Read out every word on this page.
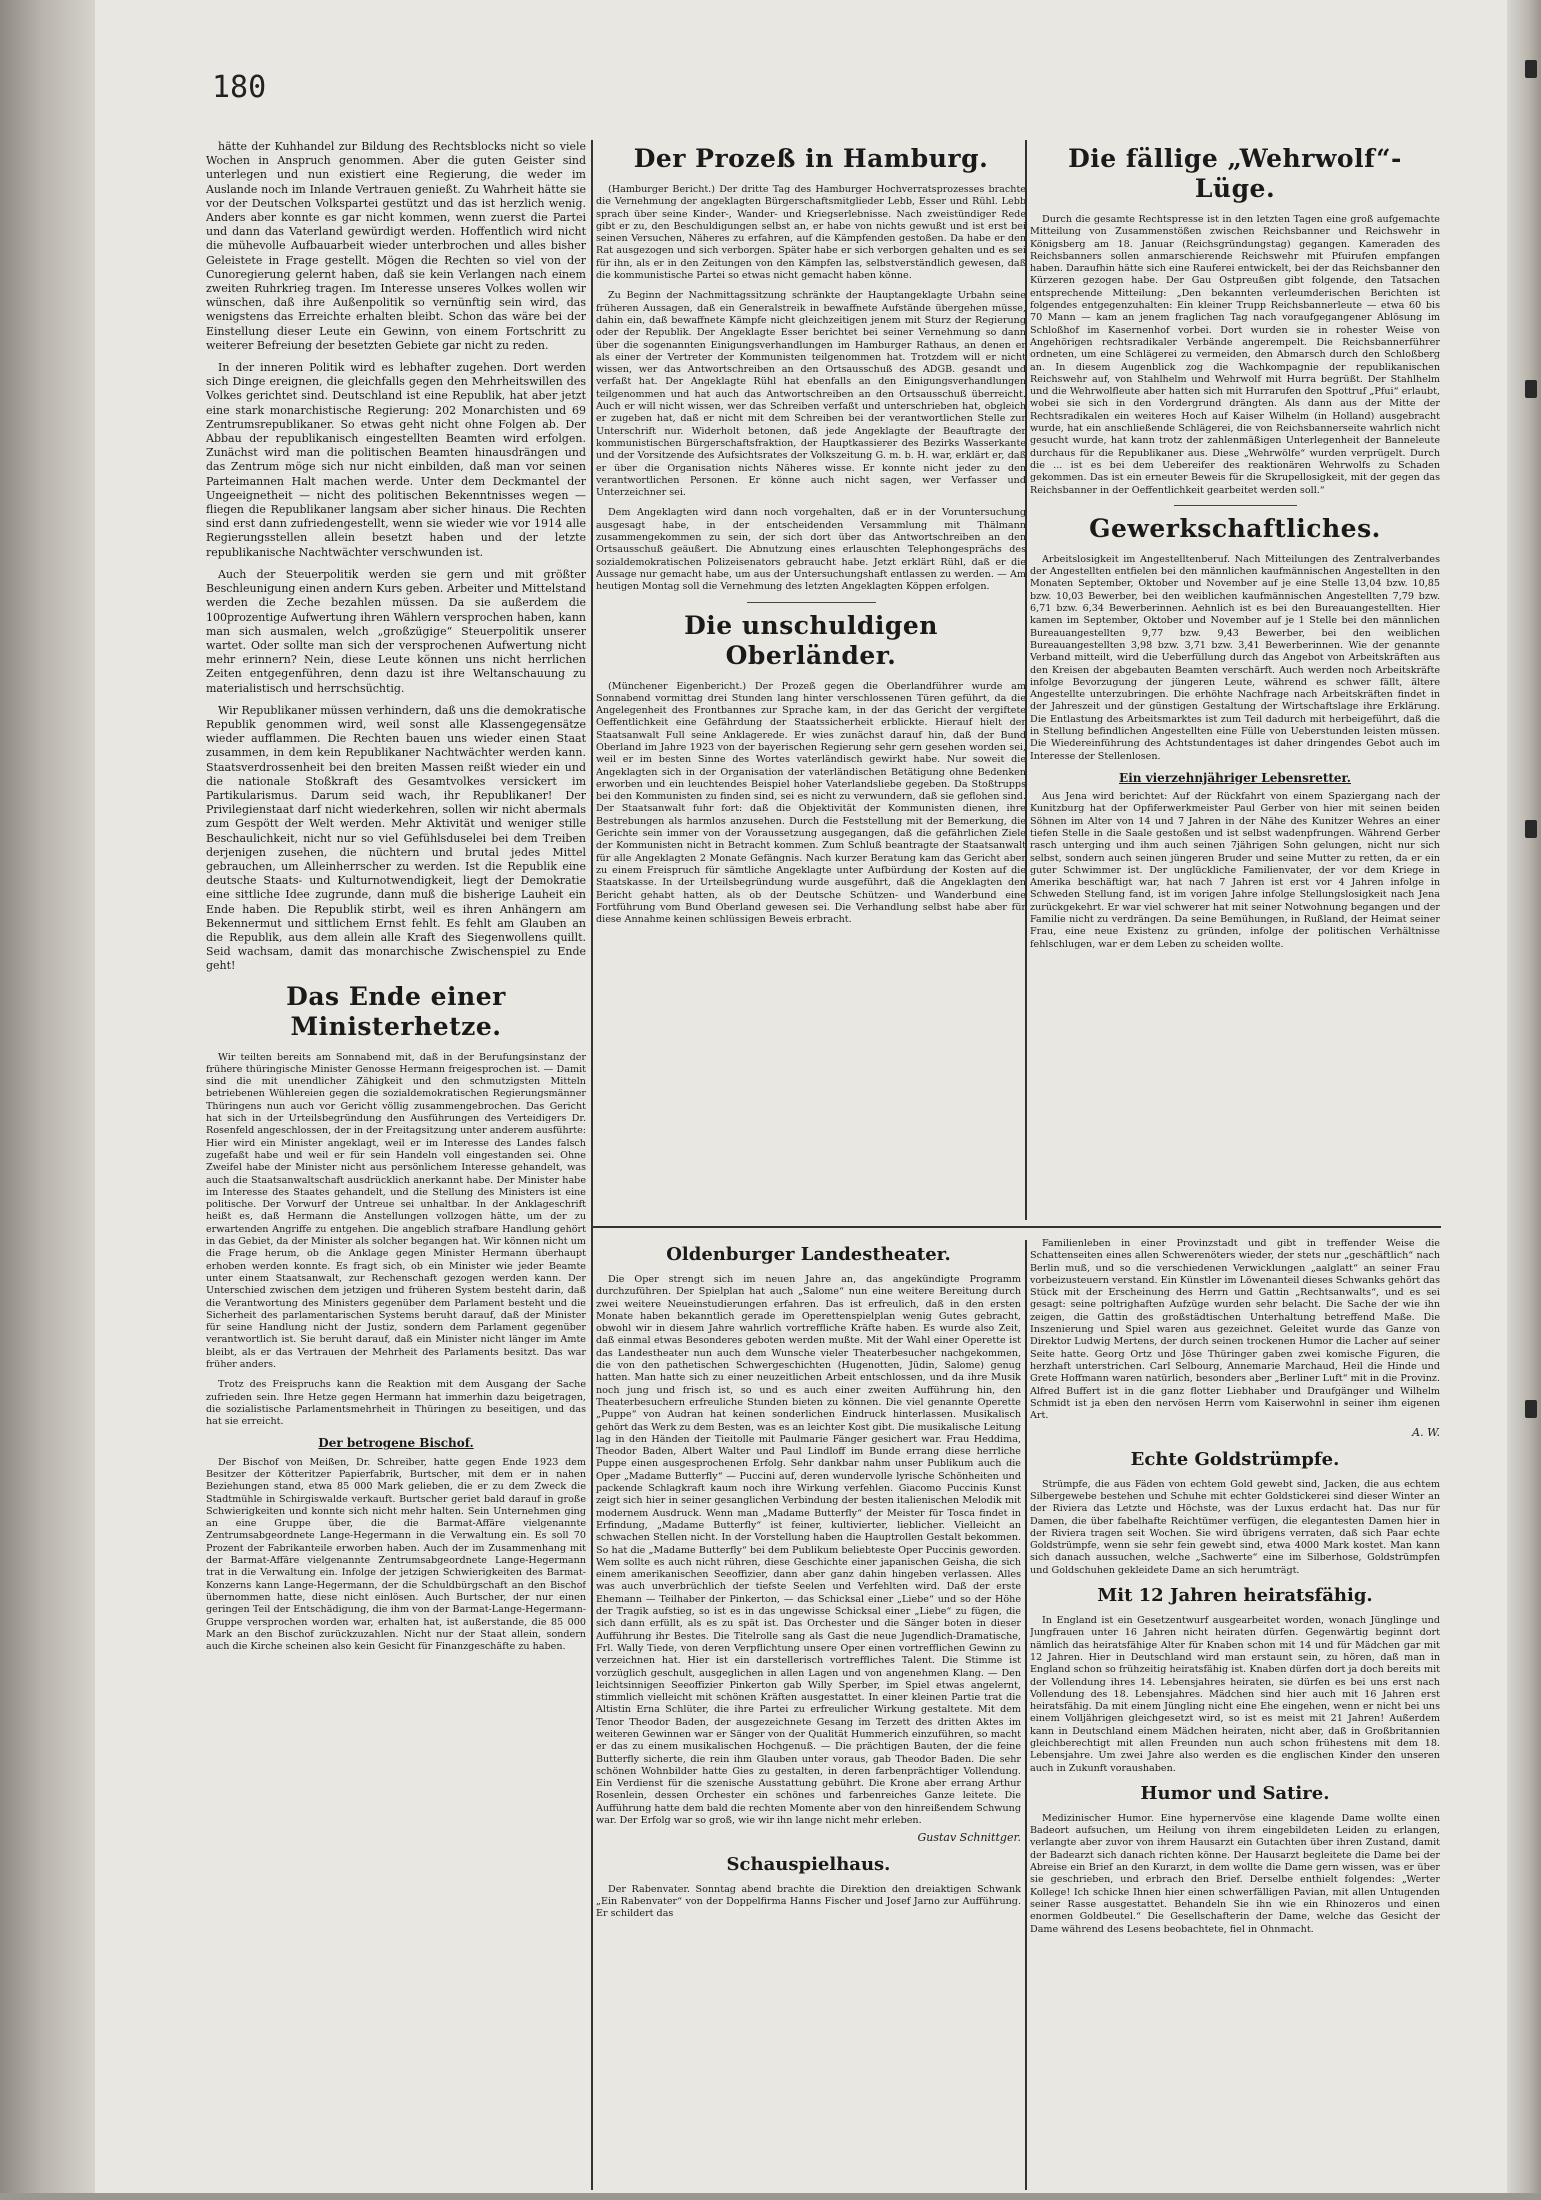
180

hätte der Kuhhandel zur Bildung des Rechtsblocks nicht so viele Wochen in Anspruch genommen. Aber die guten Geister sind unterlegen und nun existiert eine Regierung, die weder im Auslande noch im Inlande Vertrauen genießt. Zu Wahrheit hätte sie vor der Deutschen Volkspartei gestützt und das ist herzlich wenig. Anders aber konnte es gar nicht kommen, wenn zuerst die Partei und dann das Vaterland gewürdigt werden. Hoffentlich wird nicht die mühevolle Aufbauarbeit wieder unterbrochen und alles bisher Geleistete in Frage gestellt. Mögen die Rechten so viel von der Cunoregierung gelernt haben, daß sie kein Verlangen nach einem zweiten Ruhrkrieg tragen. Im Interesse unseres Volkes wollen wir wünschen, daß ihre Außenpolitik so vernünftig sein wird, das wenigstens das Erreichte erhalten bleibt. Schon das wäre bei der Einstellung dieser Leute ein Gewinn, von einem Fortschritt zu weiterer Befreiung der besetzten Gebiete gar nicht zu reden.

In der inneren Politik wird es lebhafter zugehen. Dort werden sich Dinge ereignen, die gleichfalls gegen den Mehrheitswillen des Volkes gerichtet sind. Deutschland ist eine Republik, hat aber jetzt eine stark monarchistische Regierung: 202 Monarchisten und 69 Zentrumsrepublikaner. So etwas geht nicht ohne Folgen ab. Der Abbau der republikanisch eingestellten Beamten wird erfolgen. Zunächst wird man die politischen Beamten hinausdrängen und das Zentrum möge sich nur nicht einbilden, daß man vor seinen Parteimannen Halt machen werde. Unter dem Deckmantel der Ungeeignetheit — nicht des politischen Bekenntnisses wegen — fliegen die Republikaner langsam aber sicher hinaus. Die Rechten sind erst dann zufriedengestellt, wenn sie wieder wie vor 1914 alle Regierungsstellen allein besetzt haben und der letzte republikanische Nachtwächter verschwunden ist.

Auch der Steuerpolitik werden sie gern und mit größter Beschleunigung einen andern Kurs geben. Arbeiter und Mittelstand werden die Zeche bezahlen müssen. Da sie außerdem die 100prozentige Aufwertung ihren Wählern versprochen haben, kann man sich ausmalen, welch „großzügige“ Steuerpolitik unserer wartet. Oder sollte man sich der versprochenen Aufwertung nicht mehr erinnern? Nein, diese Leute können uns nicht herrlichen Zeiten entgegenführen, denn dazu ist ihre Weltanschauung zu materialistisch und herrschsüchtig.

Wir Republikaner müssen verhindern, daß uns die demokratische Republik genommen wird, weil sonst alle Klassengegensätze wieder aufflammen. Die Rechten bauen uns wieder einen Staat zusammen, in dem kein Republikaner Nachtwächter werden kann. Staatsverdrossenheit bei den breiten Massen reißt wieder ein und die nationale Stoßkraft des Gesamtvolkes versickert im Partikularismus. Darum seid wach, ihr Republikaner! Der Privilegienstaat darf nicht wiederkehren, sollen wir nicht abermals zum Gespött der Welt werden. Mehr Aktivität und weniger stille Beschaulichkeit, nicht nur so viel Gefühlsduselei bei dem Treiben derjenigen zusehen, die nüchtern und brutal jedes Mittel gebrauchen, um Alleinherrscher zu werden. Ist die Republik eine deutsche Staats- und Kulturnotwendigkeit, liegt der Demokratie eine sittliche Idee zugrunde, dann muß die bisherige Lauheit ein Ende haben. Die Republik stirbt, weil es ihren Anhängern am Bekennermut und sittlichem Ernst fehlt. Es fehlt am Glauben an die Republik, aus dem allein alle Kraft des Siegenwollens quillt. Seid wachsam, damit das monarchische Zwischenspiel zu Ende geht!

Das Ende einer Ministerhetze.

Wir teilten bereits am Sonnabend mit, daß in der Berufungsinstanz der frühere thüringische Minister Genosse Hermann freigesprochen ist. — Damit sind die mit unendlicher Zähigkeit und den schmutzigsten Mitteln betriebenen Wühlereien gegen die sozialdemokratischen Regierungsmänner Thüringens nun auch vor Gericht völlig zusammengebrochen. Das Gericht hat sich in der Urteilsbegründung den Ausführungen des Verteidigers Dr. Rosenfeld angeschlossen, der in der Freitagsitzung unter anderem ausführte: Hier wird ein Minister angeklagt, weil er im Interesse des Landes falsch zugefaßt habe und weil er für sein Handeln voll eingestanden sei. Ohne Zweifel habe der Minister nicht aus persönlichem Interesse gehandelt, was auch die Staatsanwaltschaft ausdrücklich anerkannt habe. Der Minister habe im Interesse des Staates gehandelt, und die Stellung des Ministers ist eine politische. Der Vorwurf der Untreue sei unhaltbar. In der Anklageschrift heißt es, daß Hermann die Anstellungen vollzogen hätte, um der zu erwartenden Angriffe zu entgehen. Die angeblich strafbare Handlung gehört in das Gebiet, da der Minister als solcher begangen hat. Wir können nicht um die Frage herum, ob die Anklage gegen Minister Hermann überhaupt erhoben werden konnte. Es fragt sich, ob ein Minister wie jeder Beamte unter einem Staatsanwalt, zur Rechenschaft gezogen werden kann. Der Unterschied zwischen dem jetzigen und früheren System besteht darin, daß die Verantwortung des Ministers gegenüber dem Parlament besteht und die Sicherheit des parlamentarischen Systems beruht darauf, daß der Minister für seine Handlung nicht der Justiz, sondern dem Parlament gegenüber verantwortlich ist. Sie beruht darauf, daß ein Minister nicht länger im Amte bleibt, als er das Vertrauen der Mehrheit des Parlaments besitzt. Das war früher anders.

Trotz des Freispruchs kann die Reaktion mit dem Ausgang der Sache zufrieden sein. Ihre Hetze gegen Hermann hat immerhin dazu beigetragen, die sozialistische Parlamentsmehrheit in Thüringen zu beseitigen, und das hat sie erreicht.

Der betrogene Bischof.

Der Bischof von Meißen, Dr. Schreiber, hatte gegen Ende 1923 dem Besitzer der Kötteritzer Papierfabrik, Burtscher, mit dem er in nahen Beziehungen stand, etwa 85 000 Mark gelieben, die er zu dem Zweck die Stadtmühle in Schirgiswalde verkauft. Burtscher geriet bald darauf in große Schwierigkeiten und konnte sich nicht mehr halten. Sein Unternehmen ging an eine Gruppe über, die die Barmat-Affäre vielgenannte Zentrumsabgeordnete Lange-Hegermann in die Verwaltung ein. Es soll 70 Prozent der Fabrikanteile erworben haben. Auch der im Zusammenhang mit der Barmat-Affäre vielgenannte Zentrumsabgeordnete Lange-Hegermann trat in die Verwaltung ein. Infolge der jetzigen Schwierigkeiten des Barmat-Konzerns kann Lange-Hegermann, der die Schuldbürgschaft an den Bischof übernommen hatte, diese nicht einlösen. Auch Burtscher, der nur einen geringen Teil der Entschädigung, die ihm von der Barmat-Lange-Hegermann-Gruppe versprochen worden war, erhalten hat, ist außerstande, die 85 000 Mark an den Bischof zurückzuzahlen. Nicht nur der Staat allein, sondern auch die Kirche scheinen also kein Gesicht für Finanzgeschäfte zu haben.

Der Prozeß in Hamburg.

(Hamburger Bericht.) Der dritte Tag des Hamburger Hochverratsprozesses brachte die Vernehmung der angeklagten Bürgerschaftsmitglieder Lebb, Esser und Rühl. Lebb sprach über seine Kinder-, Wander- und Kriegserlebnisse. Nach zweistündiger Rede gibt er zu, den Beschuldigungen selbst an, er habe von nichts gewußt und ist erst bei seinen Versuchen, Näheres zu erfahren, auf die Kämpfenden gestoßen. Da habe er den Rat ausgezogen und sich verborgen. Später habe er sich verborgen gehalten und es sei für ihn, als er in den Zeitungen von den Kämpfen las, selbstverständlich gewesen, daß die kommunistische Partei so etwas nicht gemacht haben könne.

Zu Beginn der Nachmittagssitzung schränkte der Hauptangeklagte Urbahn seine früheren Aussagen, daß ein Generalstreik in bewaffnete Aufstände übergehen müsse, dahin ein, daß bewaffnete Kämpfe nicht gleichzeitigen jenem mit Sturz der Regierung oder der Republik. Der Angeklagte Esser berichtet bei seiner Vernehmung so dann über die sogenannten Einigungsverhandlungen im Hamburger Rathaus, an denen er als einer der Vertreter der Kommunisten teilgenommen hat. Trotzdem will er nicht wissen, wer das Antwortschreiben an den Ortsausschuß des ADGB. gesandt und verfaßt hat. Der Angeklagte Rühl hat ebenfalls an den Einigungsverhandlungen teilgenommen und hat auch das Antwortschreiben an den Ortsausschuß überreicht. Auch er will nicht wissen, wer das Schreiben verfaßt und unterschrieben hat, obgleich er zugeben hat, daß er nicht mit dem Schreiben bei der verantwortlichen Stelle zur Unterschrift nur. Widerholt betonen, daß jede Angeklagte der Beauftragte der kommunistischen Bürgerschaftsfraktion, der Hauptkassierer des Bezirks Wasserkante und der Vorsitzende des Aufsichtsrates der Volkszeitung G. m. b. H. war, erklärt er, daß er über die Organisation nichts Näheres wisse. Er konnte nicht jeder zu den verantwortlichen Personen. Er könne auch nicht sagen, wer Verfasser und Unterzeichner sei.

Dem Angeklagten wird dann noch vorgehalten, daß er in der Voruntersuchung ausgesagt habe, in der entscheidenden Versammlung mit Thälmann zusammengekommen zu sein, der sich dort über das Antwortschreiben an den Ortsausschuß geäußert. Die Abnutzung eines erlauschten Telephongesprächs des sozialdemokratischen Polizeisenators gebraucht habe. Jetzt erklärt Rühl, daß er die Aussage nur gemacht habe, um aus der Untersuchungshaft entlassen zu werden. — Am heutigen Montag soll die Vernehmung des letzten Angeklagten Köppen erfolgen.

Die unschuldigen Oberländer.

(Münchener Eigenbericht.) Der Prozeß gegen die Oberlandführer wurde am Sonnabend vormittag drei Stunden lang hinter verschlossenen Türen geführt, da die Angelegenheit des Frontbannes zur Sprache kam, in der das Gericht der vergiftete Oeffentlichkeit eine Gefährdung der Staatssicherheit erblickte. Hierauf hielt der Staatsanwalt Full seine Anklagerede. Er wies zunächst darauf hin, daß der Bund Oberland im Jahre 1923 von der bayerischen Regierung sehr gern gesehen worden sei, weil er im besten Sinne des Wortes vaterländisch gewirkt habe. Nur soweit die Angeklagten sich in der Organisation der vaterländischen Betätigung ohne Bedenken erworben und ein leuchtendes Beispiel hoher Vaterlandsliebe gegeben. Da Stoßtrupps bei den Kommunisten zu finden sind, sei es nicht zu verwundern, daß sie geflohen sind. Der Staatsanwalt fuhr fort: daß die Objektivität der Kommunisten dienen, ihre Bestrebungen als harmlos anzusehen. Durch die Feststellung mit der Bemerkung, die Gerichte sein immer von der Voraussetzung ausgegangen, daß die gefährlichen Ziele der Kommunisten nicht in Betracht kommen. Zum Schluß beantragte der Staatsanwalt für alle Angeklagten 2 Monate Gefängnis. Nach kurzer Beratung kam das Gericht aber zu einem Freispruch für sämtliche Angeklagte unter Aufbürdung der Kosten auf die Staatskasse. In der Urteilsbegründung wurde ausgeführt, daß die Angeklagten den Bericht gehabt hatten, als ob der Deutsche Schützen- und Wanderbund eine Fortführung vom Bund Oberland gewesen sei. Die Verhandlung selbst habe aber für diese Annahme keinen schlüssigen Beweis erbracht.

Die fällige „Wehrwolf“-Lüge.

Durch die gesamte Rechtspresse ist in den letzten Tagen eine groß aufgemachte Mitteilung von Zusammenstößen zwischen Reichsbanner und Reichswehr in Königsberg am 18. Januar (Reichsgründungstag) gegangen. Kameraden des Reichsbanners sollen anmarschierende Reichswehr mit Pfuirufen empfangen haben. Daraufhin hätte sich eine Rauferei entwickelt, bei der das Reichsbanner den Kürzeren gezogen habe. Der Gau Ostpreußen gibt folgende, den Tatsachen entsprechende Mitteilung: „Den bekannten verleumderischen Berichten ist folgendes entgegenzuhalten: Ein kleiner Trupp Reichsbannerleute — etwa 60 bis 70 Mann — kam an jenem fraglichen Tag nach voraufgegangener Ablösung im Schloßhof im Kasernenhof vorbei. Dort wurden sie in rohester Weise von Angehörigen rechtsradikaler Verbände angerempelt. Die Reichsbannerführer ordneten, um eine Schlägerei zu vermeiden, den Abmarsch durch den Schloßberg an. In diesem Augenblick zog die Wachkompagnie der republikanischen Reichswehr auf, von Stahlhelm und Wehrwolf mit Hurra begrüßt. Der Stahlhelm und die Wehrwolfleute aber hatten sich mit Hurrarufen den Spottruf „Pfui“ erlaubt, wobei sie sich in den Vordergrund drängten. Als dann aus der Mitte der Rechtsradikalen ein weiteres Hoch auf Kaiser Wilhelm (in Holland) ausgebracht wurde, hat ein anschließende Schlägerei, die von Reichsbannerseite wahrlich nicht gesucht wurde, hat kann trotz der zahlenmäßigen Unterlegenheit der Banneleute durchaus für die Republikaner aus. Diese „Wehrwölfe“ wurden verprügelt. Durch die ... ist es bei dem Uebereifer des reaktionären Wehrwolfs zu Schaden gekommen. Das ist ein erneuter Beweis für die Skrupellosigkeit, mit der gegen das Reichsbanner in der Oeffentlichkeit gearbeitet werden soll.“

Gewerkschaftliches.

Arbeitslosigkeit im Angestelltenberuf. Nach Mitteilungen des Zentralverbandes der Angestellten entfielen bei den männlichen kaufmännischen Angestellten in den Monaten September, Oktober und November auf je eine Stelle 13,04 bzw. 10,85 bzw. 10,03 Bewerber, bei den weiblichen kaufmännischen Angestellten 7,79 bzw. 6,71 bzw. 6,34 Bewerberinnen. Aehnlich ist es bei den Bureauangestellten. Hier kamen im September, Oktober und November auf je 1 Stelle bei den männlichen Bureauangestellten 9,77 bzw. 9,43 Bewerber, bei den weiblichen Bureauangestellten 3,98 bzw. 3,71 bzw. 3,41 Bewerberinnen. Wie der genannte Verband mitteilt, wird die Ueberfüllung durch das Angebot von Arbeitskräften aus den Kreisen der abgebauten Beamten verschärft. Auch werden noch Arbeitskräfte infolge Bevorzugung der jüngeren Leute, während es schwer fällt, ältere Angestellte unterzubringen. Die erhöhte Nachfrage nach Arbeitskräften findet in der Jahreszeit und der günstigen Gestaltung der Wirtschaftslage ihre Erklärung. Die Entlastung des Arbeitsmarktes ist zum Teil dadurch mit herbeigeführt, daß die in Stellung befindlichen Angestellten eine Fülle von Ueberstunden leisten müssen. Die Wiedereinführung des Achtstundentages ist daher dringendes Gebot auch im Interesse der Stellenlosen.

Ein vierzehnjähriger Lebensretter.

Aus Jena wird berichtet: Auf der Rückfahrt von einem Spaziergang nach der Kunitzburg hat der Opfiferwerkmeister Paul Gerber von hier mit seinen beiden Söhnen im Alter von 14 und 7 Jahren in der Nähe des Kunitzer Wehres an einer tiefen Stelle in die Saale gestoßen und ist selbst wadenpfrungen. Während Gerber rasch unterging und ihm auch seinen 7jährigen Sohn gelungen, nicht nur sich selbst, sondern auch seinen jüngeren Bruder und seine Mutter zu retten, da er ein guter Schwimmer ist. Der unglückliche Familienvater, der vor dem Kriege in Amerika beschäftigt war, hat nach 7 Jahren ist erst vor 4 Jahren infolge in Schweden Stellung fand, ist im vorigen Jahre infolge Stellungslosigkeit nach Jena zurückgekehrt. Er war viel schwerer hat mit seiner Notwohnung begangen und der Familie nicht zu verdrängen. Da seine Bemühungen, in Rußland, der Heimat seiner Frau, eine neue Existenz zu gründen, infolge der politischen Verhältnisse fehlschlugen, war er dem Leben zu scheiden wollte.

Oldenburger Landestheater.

Die Oper strengt sich im neuen Jahre an, das angekündigte Programm durchzuführen. Der Spielplan hat auch „Salome“ nun eine weitere Bereitung durch zwei weitere Neueinstudierungen erfahren. Das ist erfreulich, daß in den ersten Monate haben bekanntlich gerade im Operettenspielplan wenig Gutes gebracht, obwohl wir in diesem Jahre wahrlich vortreffliche Kräfte haben. Es wurde also Zeit, daß einmal etwas Besonderes geboten werden mußte. Mit der Wahl einer Operette ist das Landestheater nun auch dem Wunsche vieler Theaterbesucher nachgekommen, die von den pathetischen Schwergeschichten (Hugenotten, Jüdin, Salome) genug hatten. Man hatte sich zu einer neuzeitlichen Arbeit entschlossen, und da ihre Musik noch jung und frisch ist, so und es auch einer zweiten Aufführung hin, den Theaterbesuchern erfreuliche Stunden bieten zu können. Die viel genannte Operette „Puppe“ von Audran hat keinen sonderlichen Eindruck hinterlassen. Musikalisch gehört das Werk zu dem Besten, was es an leichter Kost gibt. Die musikalische Leitung lag in den Händen der Tieitolle mit Paulmarie Fänger gesichert war. Frau Heddima, Theodor Baden, Albert Walter und Paul Lindloff im Bunde errang diese herrliche Puppe einen ausgesprochenen Erfolg. Sehr dankbar nahm unser Publikum auch die Oper „Madame Butterfly“ — Puccini auf, deren wundervolle lyrische Schönheiten und packende Schlagkraft kaum noch ihre Wirkung verfehlen. Giacomo Puccinis Kunst zeigt sich hier in seiner gesanglichen Verbindung der besten italienischen Melodik mit modernem Ausdruck. Wenn man „Madame Butterfly“ der Meister für Tosca findet in Erfindung, „Madame Butterfly“ ist feiner, kultivierter, lieblicher. Vielleicht an schwachen Stellen nicht. In der Vorstellung haben die Hauptrollen Gestalt bekommen. So hat die „Madame Butterfly“ bei dem Publikum beliebteste Oper Puccinis geworden. Wem sollte es auch nicht rühren, diese Geschichte einer japanischen Geisha, die sich einem amerikanischen Seeoffizier, dann aber ganz dahin hingeben verlassen. Alles was auch unverbrüchlich der tiefste Seelen und Verfehlten wird. Daß der erste Ehemann — Teilhaber der Pinkerton, — das Schicksal einer „Liebe“ und so der Höhe der Tragik aufstieg, so ist es in das ungewisse Schicksal einer „Liebe“ zu fügen, die sich dann erfüllt, als es zu spät ist. Das Orchester und die Sänger boten in dieser Aufführung ihr Bestes. Die Titelrolle sang als Gast die neue Jugendlich-Dramatische, Frl. Wally Tiede, von deren Verpflichtung unsere Oper einen vortrefflichen Gewinn zu verzeichnen hat. Hier ist ein darstellerisch vortreffliches Talent. Die Stimme ist vorzüglich geschult, ausgeglichen in allen Lagen und von angenehmen Klang. — Den leichtsinnigen Seeoffizier Pinkerton gab Willy Sperber, im Spiel etwas angelernt, stimmlich vielleicht mit schönen Kräften ausgestattet. In einer kleinen Partie trat die Altistin Erna Schlüter, die ihre Partei zu erfreulicher Wirkung gestaltete. Mit dem Tenor Theodor Baden, der ausgezeichnete Gesang im Terzett des dritten Aktes im weiteren Gewinnen war er Sänger von der Qualität Hummerich einzuführen, so macht er das zu einem musikalischen Hochgenuß. — Die prächtigen Bauten, der die feine Butterfly sicherte, die rein ihm Glauben unter voraus, gab Theodor Baden. Die sehr schönen Wohnbilder hatte Gies zu gestalten, in deren farbenprächtiger Vollendung. Ein Verdienst für die szenische Ausstattung gebührt. Die Krone aber errang Arthur Rosenlein, dessen Orchester ein schönes und farbenreiches Ganze leitete. Die Aufführung hatte dem bald die rechten Momente aber von den hinreißendem Schwung war. Der Erfolg war so groß, wie wir ihn lange nicht mehr erleben.

Gustav Schnittger.
Schauspielhaus.

Der Rabenvater. Sonntag abend brachte die Direktion den dreiaktigen Schwank „Ein Rabenvater“ von der Doppelfirma Hanns Fischer und Josef Jarno zur Aufführung. Er schildert das

Familienleben in einer Provinzstadt und gibt in treffender Weise die Schattenseiten eines allen Schwerenöters wieder, der stets nur „geschäftlich“ nach Berlin muß, und so die verschiedenen Verwicklungen „aalglatt“ an seiner Frau vorbeizusteuern verstand. Ein Künstler im Löwenanteil dieses Schwanks gehört das Stück mit der Erscheinung des Herrn und Gattin „Rechtsanwalts“, und es sei gesagt: seine poltrighaften Aufzüge wurden sehr belacht. Die Sache der wie ihn zeigen, die Gattin des großstädtischen Unterhaltung betreffend Maße. Die Inszenierung und Spiel waren aus gezeichnet. Geleitet wurde das Ganze von Direktor Ludwig Mertens, der durch seinen trockenen Humor die Lacher auf seiner Seite hatte. Georg Ortz und Jöse Thüringer gaben zwei komische Figuren, die herzhaft unterstrichen. Carl Selbourg, Annemarie Marchaud, Heil die Hinde und Grete Hoffmann waren natürlich, besonders aber „Berliner Luft“ mit in die Provinz. Alfred Buffert ist in die ganz flotter Liebhaber und Draufgänger und Wilhelm Schmidt ist ja eben den nervösen Herrn vom Kaiserwohnl in seiner ihm eigenen Art.

A. W.
Echte Goldstrümpfe.

Strümpfe, die aus Fäden von echtem Gold gewebt sind, Jacken, die aus echtem Silbergewebe bestehen und Schuhe mit echter Goldstickerei sind dieser Winter an der Riviera das Letzte und Höchste, was der Luxus erdacht hat. Das nur für Damen, die über fabelhafte Reichtümer verfügen, die elegantesten Damen hier in der Riviera tragen seit Wochen. Sie wird übrigens verraten, daß sich Paar echte Goldstrümpfe, wenn sie sehr fein gewebt sind, etwa 4000 Mark kostet. Man kann sich danach aussuchen, welche „Sachwerte“ eine im Silberhose, Goldstrümpfen und Goldschuhen gekleidete Dame an sich herumträgt.

Mit 12 Jahren heiratsfähig.

In England ist ein Gesetzentwurf ausgearbeitet worden, wonach Jünglinge und Jungfrauen unter 16 Jahren nicht heiraten dürfen. Gegenwärtig beginnt dort nämlich das heiratsfähige Alter für Knaben schon mit 14 und für Mädchen gar mit 12 Jahren. Hier in Deutschland wird man erstaunt sein, zu hören, daß man in England schon so frühzeitig heiratsfähig ist. Knaben dürfen dort ja doch bereits mit der Vollendung ihres 14. Lebensjahres heiraten, sie dürfen es bei uns erst nach Vollendung des 18. Lebensjahres. Mädchen sind hier auch mit 16 Jahren erst heiratsfähig. Da mit einem Jüngling nicht eine Ehe eingehen, wenn er nicht bei uns einem Volljährigen gleichgesetzt wird, so ist es meist mit 21 Jahren! Außerdem kann in Deutschland einem Mädchen heiraten, nicht aber, daß in Großbritannien gleichberechtigt mit allen Freunden nun auch schon frühestens mit dem 18. Lebensjahre. Um zwei Jahre also werden es die englischen Kinder den unseren auch in Zukunft voraushaben.

Humor und Satire.

Medizinischer Humor. Eine hypernervöse eine klagende Dame wollte einen Badeort aufsuchen, um Heilung von ihrem eingebildeten Leiden zu erlangen, verlangte aber zuvor von ihrem Hausarzt ein Gutachten über ihren Zustand, damit der Badearzt sich danach richten könne. Der Hausarzt begleitete die Dame bei der Abreise ein Brief an den Kurarzt, in dem wollte die Dame gern wissen, was er über sie geschrieben, und erbrach den Brief. Derselbe enthielt folgendes: „Werter Kollege! Ich schicke Ihnen hier einen schwerfälligen Pavian, mit allen Untugenden seiner Rasse ausgestattet. Behandeln Sie ihn wie ein Rhinozeros und einen enormen Goldbeutel.“ Die Gesellschafterin der Dame, welche das Gesicht der Dame während des Lesens beobachtete, fiel in Ohnmacht.
